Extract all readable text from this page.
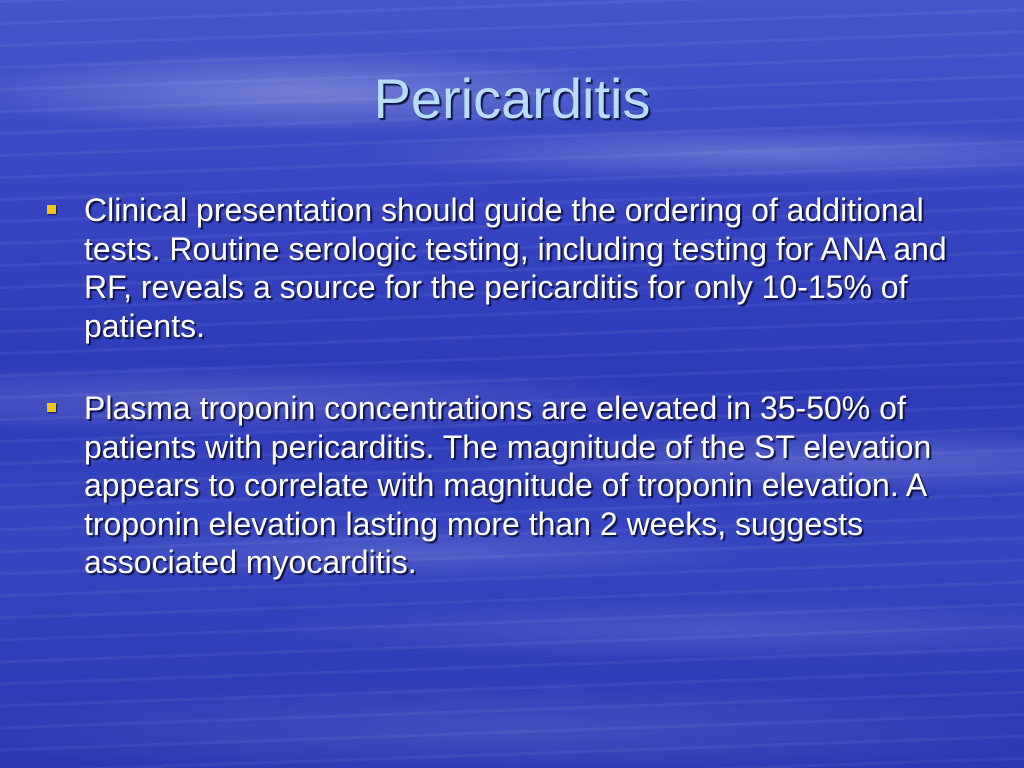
Pericarditis
Clinical presentation should guide the ordering of additional tests. Routine serologic testing, including testing for ANA and RF, reveals a source for the pericarditis for only 10-15% of patients.
Plasma troponin concentrations are elevated in 35-50% of patients with pericarditis. The magnitude of the ST elevation appears to correlate with magnitude of troponin elevation. A troponin elevation lasting more than 2 weeks, suggests associated myocarditis.
